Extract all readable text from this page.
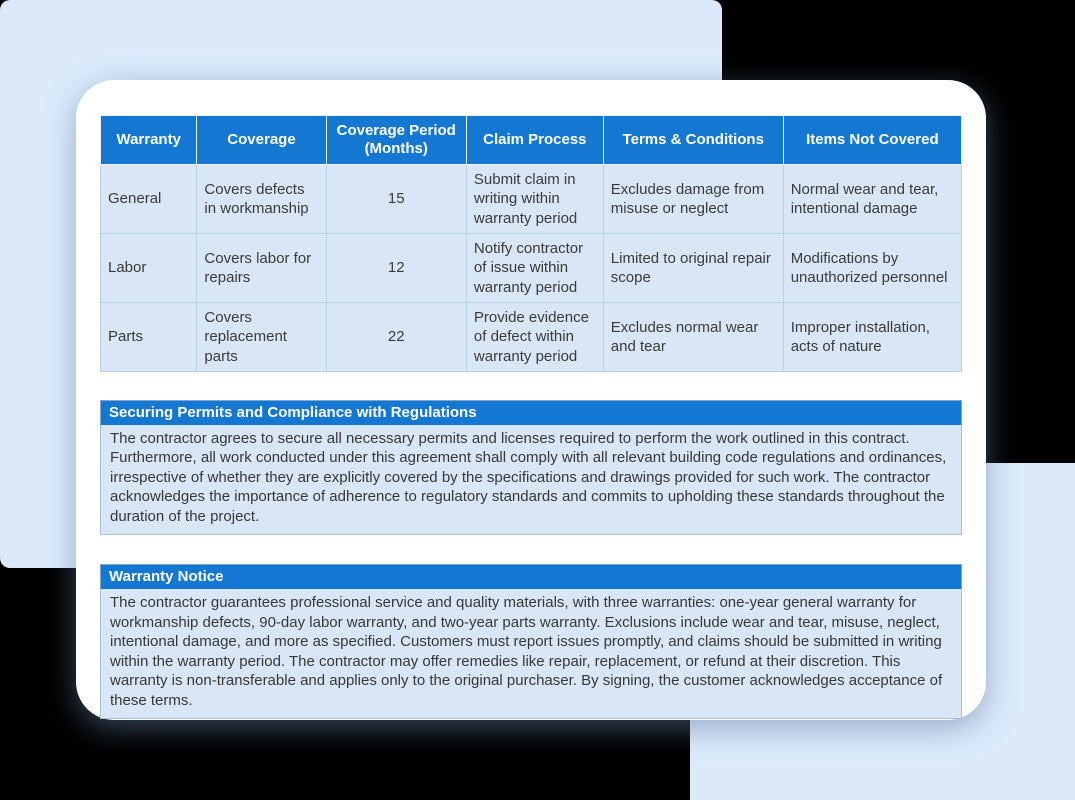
Warranty	Coverage	Coverage Period (Months)	Claim Process	Terms & Conditions	Items Not Covered
General	Covers defects in workmanship	15	Submit claim in writing within warranty period	Excludes damage from misuse or neglect	Normal wear and tear, intentional damage
Labor	Covers labor for repairs	12	Notify contractor of issue within warranty period	Limited to original repair scope	Modifications by unauthorized personnel
Parts	Covers replacement parts	22	Provide evidence of defect within warranty period	Excludes normal wear and tear	Improper installation, acts of nature
Securing Permits and Compliance with Regulations
The contractor agrees to secure all necessary permits and licenses required to perform the work outlined in this contract. Furthermore, all work conducted under this agreement shall comply with all relevant building code regulations and ordinances, irrespective of whether they are explicitly covered by the specifications and drawings provided for such work. The contractor acknowledges the importance of adherence to regulatory standards and commits to upholding these standards throughout the duration of the project.
Warranty Notice
The contractor guarantees professional service and quality materials, with three warranties: one-year general warranty for workmanship defects, 90-day labor warranty, and two-year parts warranty. Exclusions include wear and tear, misuse, neglect, intentional damage, and more as specified. Customers must report issues promptly, and claims should be submitted in writing within the warranty period. The contractor may offer remedies like repair, replacement, or refund at their discretion. This warranty is non-transferable and applies only to the original purchaser. By signing, the customer acknowledges acceptance of these terms.
